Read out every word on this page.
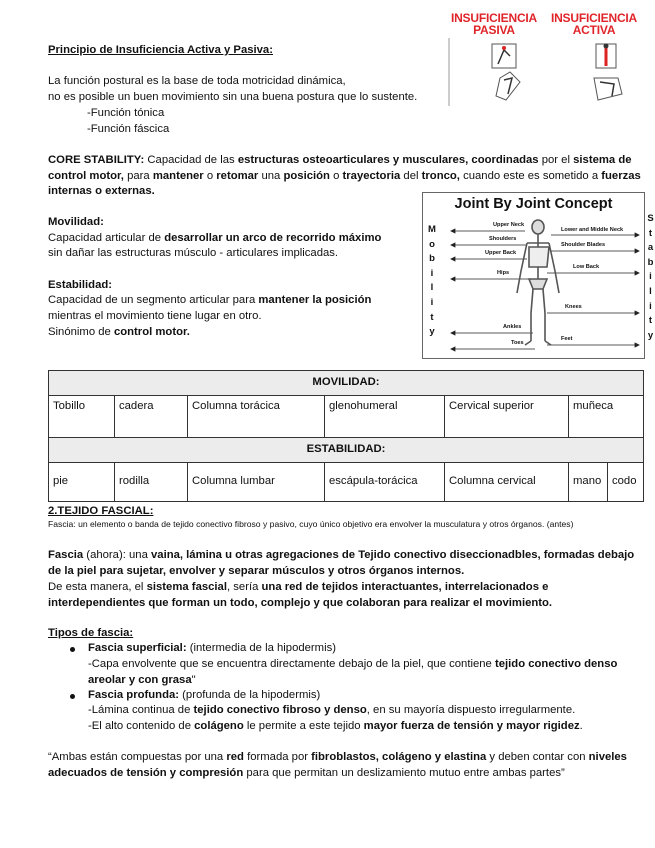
INSUFICIENCIA
PASIVA
INSUFICIENCIA
ACTIVA
Principio de Insuficiencia Activa y Pasiva:
La función postural es la base de toda motricidad dinámica,
no es posible un buen movimiento sin una buena postura que lo sustente.
-Función tónica
-Función fáscica

CORE STABILITY: Capacidad de las estructuras osteoarticulares y musculares, coordinadas por el sistema de control motor, para mantener o retomar una posición o trayectoria del tronco, cuando este es sometido a fuerzas internas o externas.

Movilidad:
Capacidad articular de desarrollar un arco de recorrido máximo
sin dañar las estructuras músculo - articulares implicadas.
Estabilidad:
Capacidad de un segmento articular para mantener la posición
mientras el movimiento tiene lugar en otro.
Sinónimo de control motor.
Joint By Joint Concept
M
o
b
i
l
i
t
y
Upper Neck
Shoulders
Upper Back
Hips
Ankles
Toes
Lower and Middle Neck
Shoulder Blades
Low Back
Knees
Feet
S
t
a
b
i
l
i
t
y
MOVILIDAD:						
Tobillo	cadera	Columna torácica	glenohumeral	Cervical superior	muñeca	
ESTABILIDAD:						
pie	rodilla	Columna lumbar	escápula-torácica	Columna cervical	mano	codo
2.TEJIDO FASCIAL:
Fascia: un elemento o banda de tejido conectivo fibroso y pasivo, cuyo único objetivo era envolver la musculatura y otros órganos. (antes)

Fascia (ahora): una vaina, lámina u otras agregaciones de Tejido conectivo diseccionadbles, formadas debajo de la piel para sujetar, envolver y separar músculos y otros órganos internos.

De esta manera, el sistema fascial, sería una red de tejidos interactuantes, interrelacionados e interdependientes que forman un todo, complejo y que colaboran para realizar el movimiento.

Tipos de fascia:
Fascia superficial: (intermedia de la hipodermis)

-Capa envolvente que se encuentra directamente debajo de la piel, que contiene tejido conectivo denso areolar y con grasa"

Fascia profunda: (profunda de la hipodermis)
-Lámina continua de tejido conectivo fibroso y denso, en su mayoría dispuesto irregularmente.
-El alto contenido de colágeno le permite a este tejido mayor fuerza de tensión y mayor rigidez.

“Ambas están compuestas por una red formada por fibroblastos, colágeno y elastina y deben contar con niveles adecuados de tensión y compresión para que permitan un deslizamiento mutuo entre ambas partes”
